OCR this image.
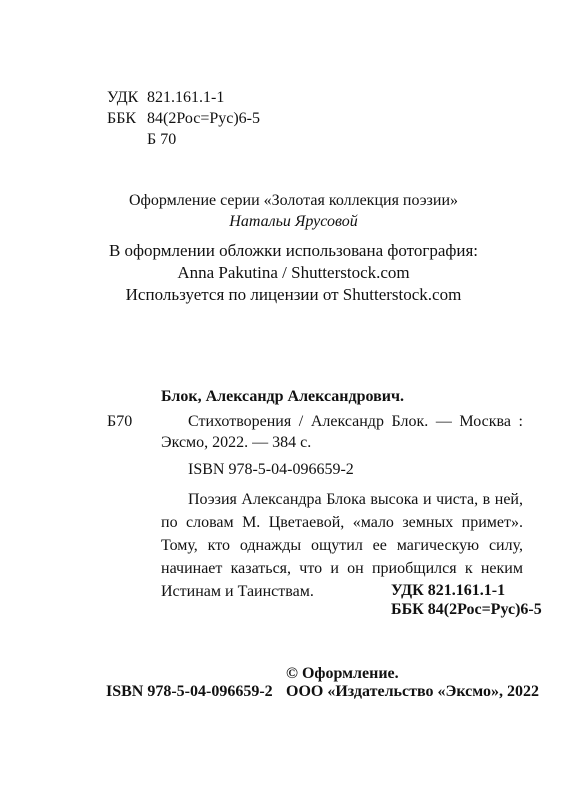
УДК 821.161.1-1
ББК 84(2Рос=Рус)6-5
Б 70
Оформление серии «Золотая коллекция поэзии»
Натальи Ярусовой
В оформлении обложки использована фотография:
Anna Pakutina / Shutterstock.com
Используется по лицензии от Shutterstock.com
Блок, Александр Александрович.
Б70	Стихотворения / Александр Блок. — Москва :
Эксмо, 2022. — 384 с.
ISBN 978-5-04-096659-2
Поэзия Александра Блока высока и чиста, в ней, по словам М. Цветаевой, «мало земных примет». Тому, кто однажды ощутил ее магическую силу, начинает казаться, что и он приобщился к неким Истинам и Таинствам.	УДК 821.161.1-1
ББК 84(2Рос=Рус)6-5
© Оформление.
ISBN 978-5-04-096659-2 ООО «Издательство «Эксмо», 2022
